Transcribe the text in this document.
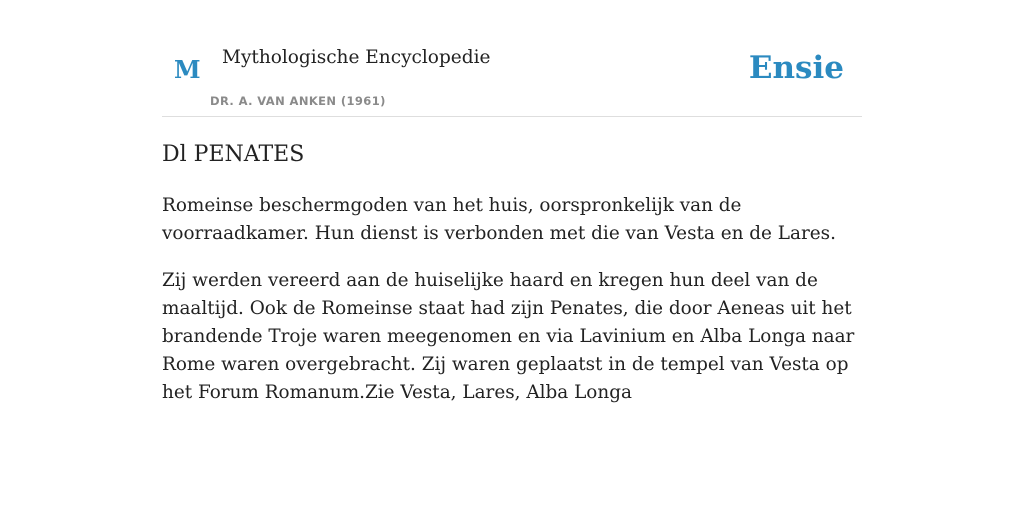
M Mythologische Encyclopedie
DR. A. VAN ANKEN (1961)
Ensie
Dl PENATES

Romeinse beschermgoden van het huis, oorspronkelijk van de voorraadkamer. Hun dienst is verbonden met die van Vesta en de Lares.

Zij werden vereerd aan de huiselijke haard en kregen hun deel van de maaltijd. Ook de Romeinse staat had zijn Penates, die door Aeneas uit het brandende Troje waren meegenomen en via Lavinium en Alba Longa naar Rome waren overgebracht. Zij waren geplaatst in de tempel van Vesta op het Forum Romanum.Zie Vesta, Lares, Alba Longa
